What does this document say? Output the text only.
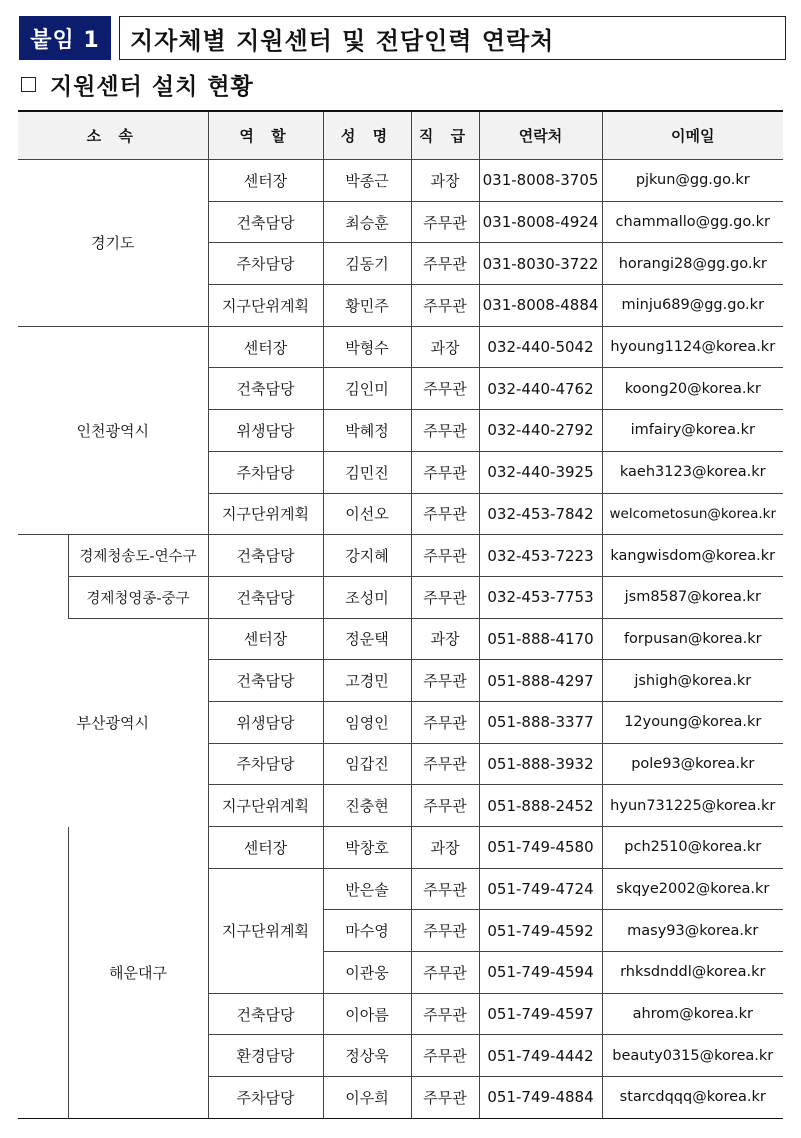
붙임 1	지자체별 지원센터 및 전담인력 연락처
지원센터 설치 현황
소 속		역 할	성 명	직 급	연락처	이메일
경기도		센터장	박종근	과장	031-8008-3705	pjkun@gg.go.kr
		건축담당	최승훈	주무관	031-8008-4924	chammallo@gg.go.kr
		주차담당	김동기	주무관	031-8030-3722	horangi28@gg.go.kr
		지구단위계획	황민주	주무관	031-8008-4884	minju689@gg.go.kr
인천광역시		센터장	박형수	과장	032-440-5042	hyoung1124@korea.kr
		건축담당	김인미	주무관	032-440-4762	koong20@korea.kr
		위생담당	박혜정	주무관	032-440-2792	imfairy@korea.kr
		주차담당	김민진	주무관	032-440-3925	kaeh3123@korea.kr
		지구단위계획	이선오	주무관	032-453-7842	welcometosun@korea.kr
	경제청송도-연수구	건축담당	강지혜	주무관	032-453-7223	kangwisdom@korea.kr
	경제청영종-중구	건축담당	조성미	주무관	032-453-7753	jsm8587@korea.kr
부산광역시		센터장	정운택	과장	051-888-4170	forpusan@korea.kr
		건축담당	고경민	주무관	051-888-4297	jshigh@korea.kr
		위생담당	임영인	주무관	051-888-3377	12young@korea.kr
		주차담당	임갑진	주무관	051-888-3932	pole93@korea.kr
		지구단위계획	진충현	주무관	051-888-2452	hyun731225@korea.kr
	해운대구	센터장	박창호	과장	051-749-4580	pch2510@korea.kr
		지구단위계획	반은솔	주무관	051-749-4724	skqye2002@korea.kr
			마수영	주무관	051-749-4592	masy93@korea.kr
			이관웅	주무관	051-749-4594	rhksdnddl@korea.kr
		건축담당	이아름	주무관	051-749-4597	ahrom@korea.kr
		환경담당	정상욱	주무관	051-749-4442	beauty0315@korea.kr
		주차담당	이우희	주무관	051-749-4884	starcdqqq@korea.kr
